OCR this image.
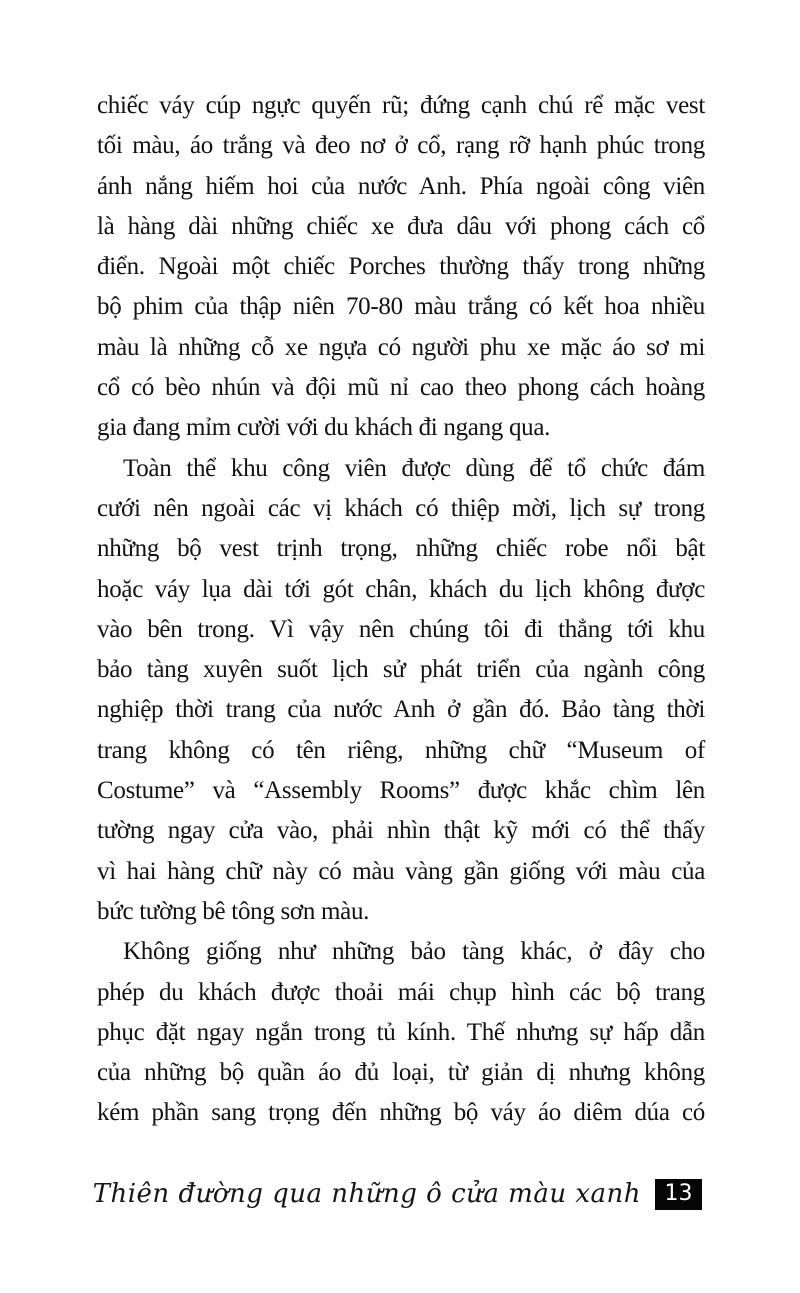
chiếc váy cúp ngực quyến rũ; đứng cạnh chú rể mặc vest
tối màu, áo trắng và đeo nơ ở cổ, rạng rỡ hạnh phúc trong
ánh nắng hiếm hoi của nước Anh. Phía ngoài công viên
là hàng dài những chiếc xe đưa dâu với phong cách cổ
điển. Ngoài một chiếc Porches thường thấy trong những
bộ phim của thập niên 70-80 màu trắng có kết hoa nhiều
màu là những cỗ xe ngựa có người phu xe mặc áo sơ mi
cổ có bèo nhún và đội mũ nỉ cao theo phong cách hoàng
gia đang mỉm cười với du khách đi ngang qua.
Toàn thể khu công viên được dùng để tổ chức đám
cưới nên ngoài các vị khách có thiệp mời, lịch sự trong
những bộ vest trịnh trọng, những chiếc robe nổi bật
hoặc váy lụa dài tới gót chân, khách du lịch không được
vào bên trong. Vì vậy nên chúng tôi đi thẳng tới khu
bảo tàng xuyên suốt lịch sử phát triển của ngành công
nghiệp thời trang của nước Anh ở gần đó. Bảo tàng thời
trang không có tên riêng, những chữ “Museum of
Costume” và “Assembly Rooms” được khắc chìm lên
tường ngay cửa vào, phải nhìn thật kỹ mới có thể thấy
vì hai hàng chữ này có màu vàng gần giống với màu của
bức tường bê tông sơn màu.
Không giống như những bảo tàng khác, ở đây cho
phép du khách được thoải mái chụp hình các bộ trang
phục đặt ngay ngắn trong tủ kính. Thế nhưng sự hấp dẫn
của những bộ quần áo đủ loại, từ giản dị nhưng không
kém phần sang trọng đến những bộ váy áo diêm dúa có
Thiên đường qua những ô cửa màu xanh 13
